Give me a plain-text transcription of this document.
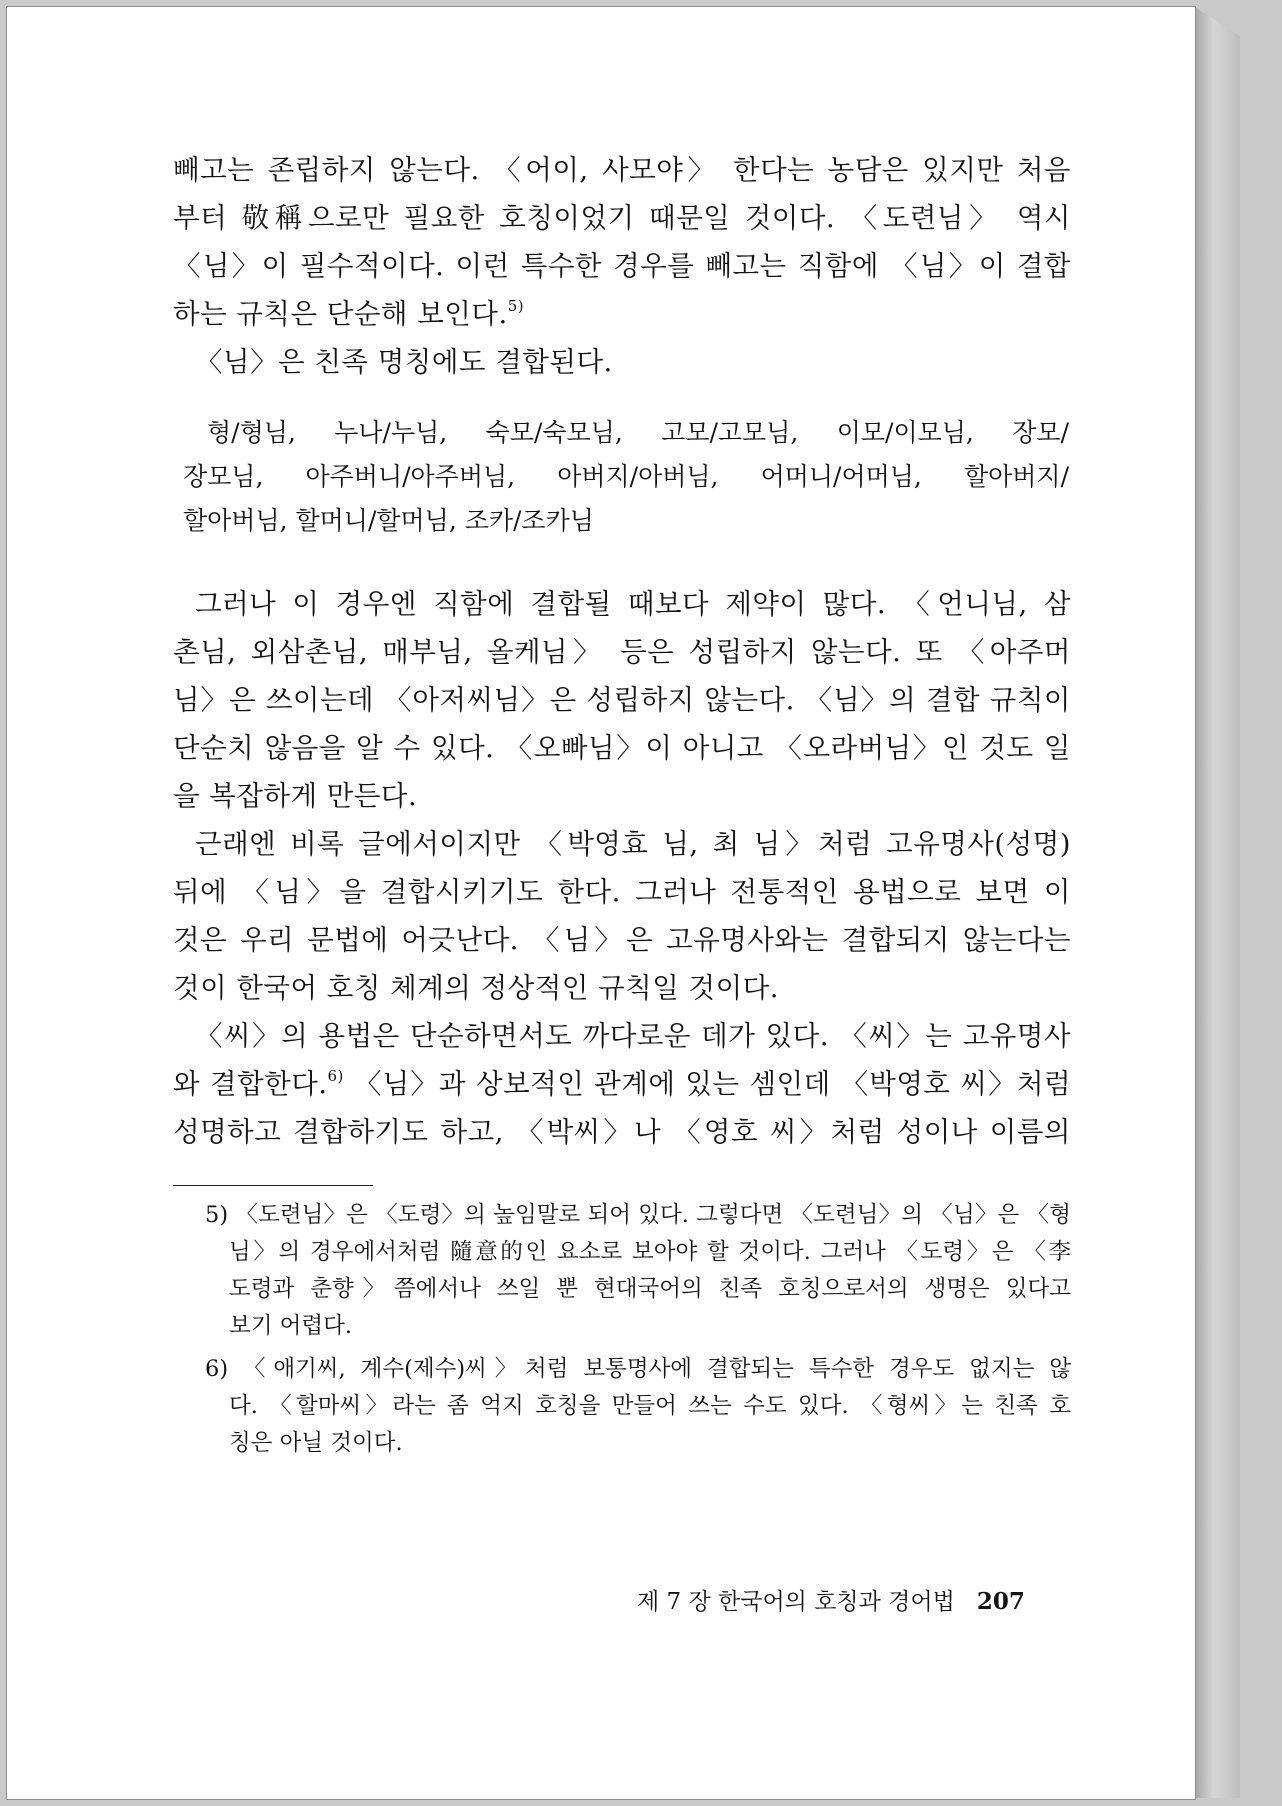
빼고는 존립하지 않는다. 〈어이, 사모야〉 한다는 농담은 있지만 처음
부터 敬稱으로만 필요한 호칭이었기 때문일 것이다. 〈도련님〉 역시
〈님〉이 필수적이다. 이런 특수한 경우를 빼고는 직함에 〈님〉이 결합
하는 규칙은 단순해 보인다.$^{5)}$
〈님〉은 친족 명칭에도 결합된다.
형/형님, 누나/누님, 숙모/숙모님, 고모/고모님, 이모/이모님, 장모/
장모님, 아주버니/아주버님, 아버지/아버님, 어머니/어머님, 할아버지/
할아버님, 할머니/할머님, 조카/조카님
그러나 이 경우엔 직함에 결합될 때보다 제약이 많다. 〈언니님, 삼
촌님, 외삼촌님, 매부님, 올케님〉 등은 성립하지 않는다. 또 〈아주머
님〉은 쓰이는데 〈아저씨님〉은 성립하지 않는다. 〈님〉의 결합 규칙이
단순치 않음을 알 수 있다. 〈오빠님〉이 아니고 〈오라버님〉인 것도 일
을 복잡하게 만든다.
근래엔 비록 글에서이지만 〈박영효 님, 최 님〉처럼 고유명사(성명)
뒤에 〈님〉을 결합시키기도 한다. 그러나 전통적인 용법으로 보면 이
것은 우리 문법에 어긋난다. 〈님〉은 고유명사와는 결합되지 않는다는
것이 한국어 호칭 체계의 정상적인 규칙일 것이다.
〈씨〉의 용법은 단순하면서도 까다로운 데가 있다. 〈씨〉는 고유명사
와 결합한다.$^{6)}$ 〈님〉과 상보적인 관계에 있는 셈인데 〈박영호 씨〉처럼
성명하고 결합하기도 하고, 〈박씨〉나 〈영호 씨〉처럼 성이나 이름의
5) 〈도련님〉은 〈도령〉의 높임말로 되어 있다. 그렇다면 〈도련님〉의 〈님〉은 〈형
님〉의 경우에서처럼 隨意的인 요소로 보아야 할 것이다. 그러나 〈도령〉은 〈李
도령과 춘향〉쯤에서나 쓰일 뿐 현대국어의 친족 호칭으로서의 생명은 있다고
보기 어렵다.
6) 〈애기씨, 계수(제수)씨〉처럼 보통명사에 결합되는 특수한 경우도 없지는 않
다. 〈할마씨〉라는 좀 억지 호칭을 만들어 쓰는 수도 있다. 〈형씨〉는 친족 호
칭은 아닐 것이다.
제 7 장 한국어의 호칭과 경어법 207
